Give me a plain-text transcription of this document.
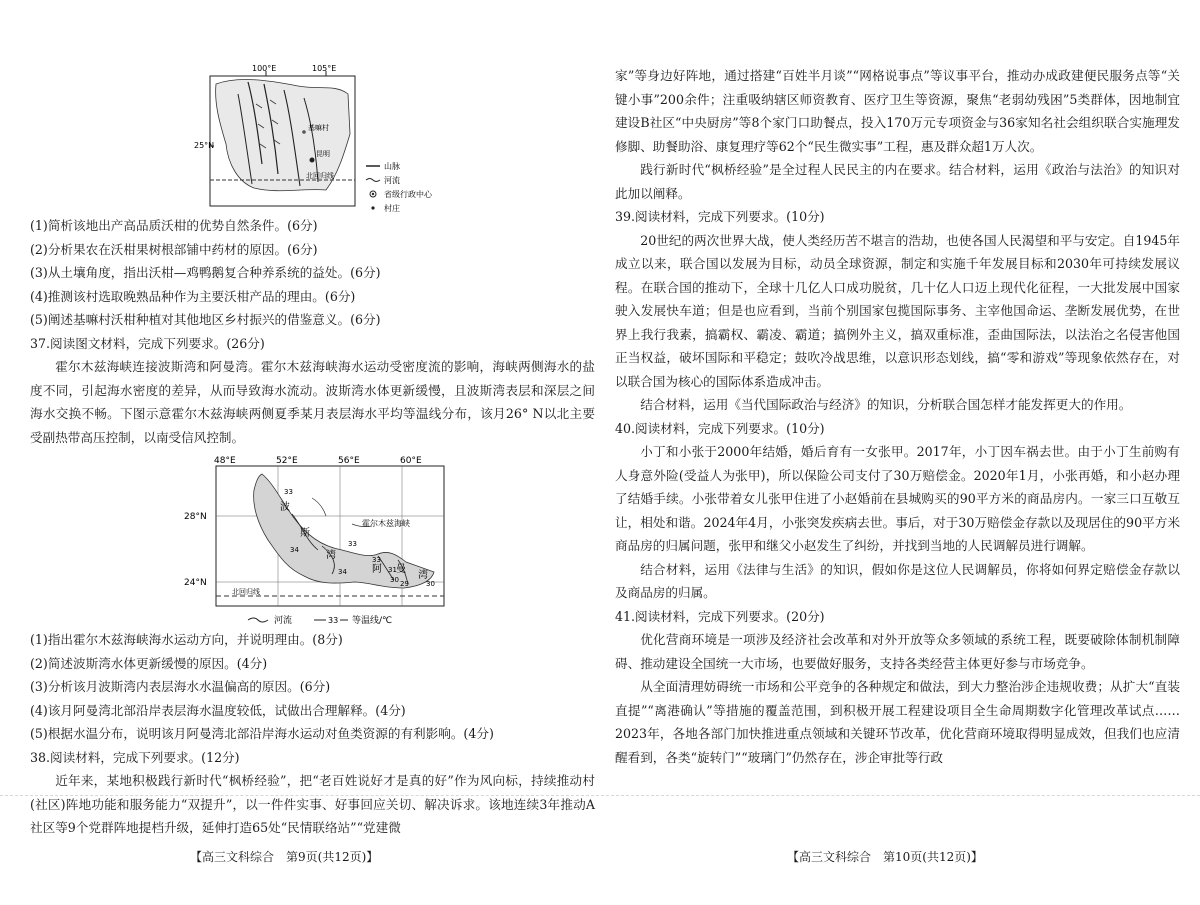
100°E	105°E
25°N
基嘛村
昆明
北回归线
山脉
河流
省级行政中心
村庄
(1)简析该地出产高品质沃柑的优势自然条件。(6分)
(2)分析果农在沃柑果树根部铺中药材的原因。(6分)
(3)从土壤角度，指出沃柑—鸡鸭鹅复合种养系统的益处。(6分)
(4)推测该村选取晚熟品种作为主要沃柑产品的理由。(6分)
(5)阐述基嘛村沃柑种植对其他地区乡村振兴的借鉴意义。(6分)
37.阅读图文材料，完成下列要求。(26分)

霍尔木兹海峡连接波斯湾和阿曼湾。霍尔木兹海峡海水运动受密度流的影响，海峡两侧海水的盐度不同，引起海水密度的差异，从而导致海水流动。波斯湾水体更新缓慢，且波斯湾表层和深层之间海水交换不畅。下图示意霍尔木兹海峡两侧夏季某月表层海水平均等温线分布，该月26° N以北主要受副热带高压控制，以南受信风控制。

48°E	52°E	56°E	60°E
28°N
24°N
波
斯
湾
霍尔木兹海峡
阿 曼
湾
33
34
33
34
33
31
30 29 30
北回归线
河流	33 等温线/℃
(1)指出霍尔木兹海峡海水运动方向，并说明理由。(8分)
(2)简述波斯湾水体更新缓慢的原因。(4分)
(3)分析该月波斯湾内表层海水水温偏高的原因。(6分)
(4)该月阿曼湾北部沿岸表层海水温度较低，试做出合理解释。(4分)
(5)根据水温分布，说明该月阿曼湾北部沿岸海水运动对鱼类资源的有利影响。(4分)
38.阅读材料，完成下列要求。(12分)

近年来，某地积极践行新时代“枫桥经验”，把“老百姓说好才是真的好”作为风向标，持续推动村(社区)阵地功能和服务能力“双提升”，以一件件实事、好事回应关切、解决诉求。该地连续3年推动A社区等9个党群阵地提档升级，延伸打造65处“民情联络站”“党建微

【高三文科综合　第9页(共12页)】

家”等身边好阵地，通过搭建“百姓半月谈”“网格说事点”等议事平台，推动办成政建便民服务点等“关键小事”200余件；注重吸纳辖区师资教育、医疗卫生等资源，聚焦“老弱幼残困”5类群体，因地制宜建设B社区“中央厨房”等8个家门口助餐点，投入170万元专项资金与36家知名社会组织联合实施理发修脚、助餐助浴、康复理疗等62个“民生微实事”工程，惠及群众超1万人次。

践行新时代“枫桥经验”是全过程人民民主的内在要求。结合材料，运用《政治与法治》的知识对此加以阐释。

39.阅读材料，完成下列要求。(10分)

20世纪的两次世界大战，使人类经历苦不堪言的浩劫，也使各国人民渴望和平与安定。自1945年成立以来，联合国以发展为目标，动员全球资源，制定和实施千年发展目标和2030年可持续发展议程。在联合国的推动下，全球十几亿人口成功脱贫，几十亿人口迈上现代化征程，一大批发展中国家驶入发展快车道；但是也应看到，当前个别国家包揽国际事务、主宰他国命运、垄断发展优势，在世界上我行我素，搞霸权、霸凌、霸道；搞例外主义，搞双重标准，歪曲国际法，以法治之名侵害他国正当权益，破坏国际和平稳定；鼓吹冷战思维，以意识形态划线，搞“零和游戏”等现象依然存在，对以联合国为核心的国际体系造成冲击。

结合材料，运用《当代国际政治与经济》的知识，分析联合国怎样才能发挥更大的作用。

40.阅读材料，完成下列要求。(10分)

小丁和小张于2000年结婚，婚后育有一女张甲。2017年，小丁因车祸去世。由于小丁生前购有人身意外险(受益人为张甲)，所以保险公司支付了30万赔偿金。2020年1月，小张再婚，和小赵办理了结婚手续。小张带着女儿张甲住进了小赵婚前在县城购买的90平方米的商品房内。一家三口互敬互让，相处和谐。2024年4月，小张突发疾病去世。事后，对于30万赔偿金存款以及现居住的90平方米商品房的归属问题，张甲和继父小赵发生了纠纷，并找到当地的人民调解员进行调解。

结合材料，运用《法律与生活》的知识，假如你是这位人民调解员，你将如何界定赔偿金存款以及商品房的归属。

41.阅读材料，完成下列要求。(20分)

优化营商环境是一项涉及经济社会改革和对外开放等众多领域的系统工程，既要破除体制机制障碍、推动建设全国统一大市场，也要做好服务，支持各类经营主体更好参与市场竞争。

从全面清理妨碍统一市场和公平竞争的各种规定和做法，到大力整治涉企违规收费；从扩大“直装直提”“离港确认”等措施的覆盖范围，到积极开展工程建设项目全生命周期数字化管理改革试点……2023年，各地各部门加快推进重点领域和关键环节改革，优化营商环境取得明显成效，但我们也应清醒看到，各类“旋转门”“玻璃门”仍然存在，涉企审批等行政

【高三文科综合　第10页(共12页)】
